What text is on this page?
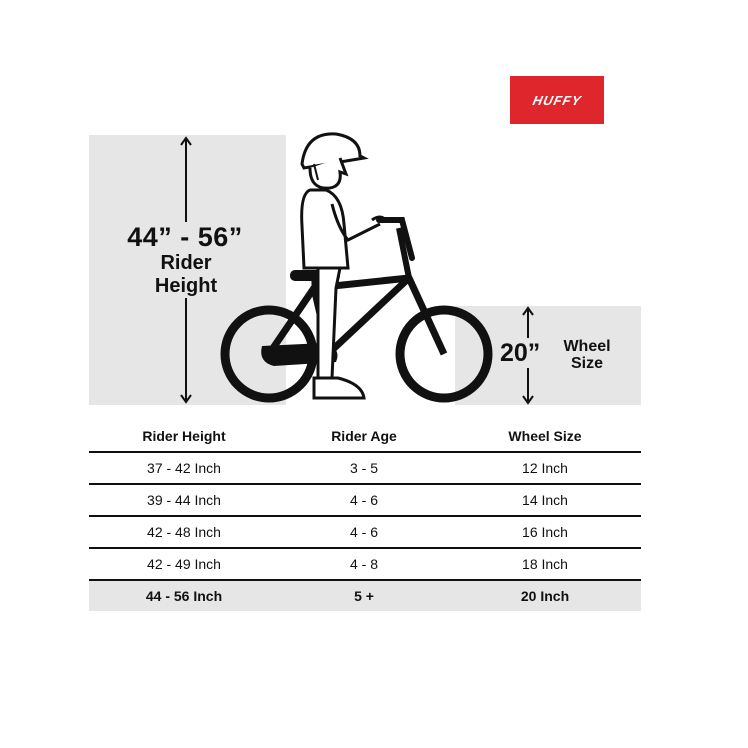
HUFFY
44” - 56”
Rider
Height
20”	Wheel
Size
Rider Height	Rider Age	Wheel Size
37 - 42 Inch	3 - 5	12 Inch
39 - 44 Inch	4 - 6	14 Inch
42 - 48 Inch	4 - 6	16 Inch
42 - 49 Inch	4 - 8	18 Inch
44 - 56 Inch	5 +	20 Inch
